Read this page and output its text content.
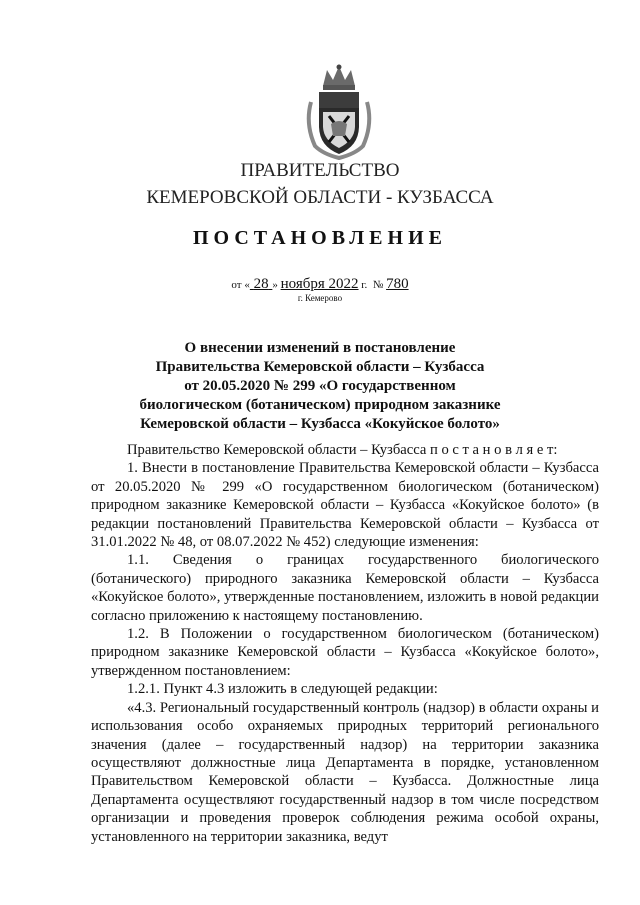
ПРАВИТЕЛЬСТВО
КЕМЕРОВСКОЙ ОБЛАСТИ - КУЗБАССА
ПОСТАНОВЛЕНИЕ
от « 28 » ноября 2022 г. № 780
г. Кемерово
О внесении изменений в постановление
Правительства Кемеровской области – Кузбасса
от 20.05.2020 № 299 «О государственном
биологическом (ботаническом) природном заказнике
Кемеровской области – Кузбасса «Кокуйское болото»

Правительство Кемеровской области – Кузбасса п о с т а н о в л я е т:

1. Внести в постановление Правительства Кемеровской области – Кузбасса от 20.05.2020 № 299 «О государственном биологическом (ботаническом) природном заказнике Кемеровской области – Кузбасса «Кокуйское болото» (в редакции постановлений Правительства Кемеровской области – Кузбасса от 31.01.2022 № 48, от 08.07.2022 № 452) следующие изменения:

1.1. Сведения о границах государственного биологического (ботанического) природного заказника Кемеровской области – Кузбасса «Кокуйское болото», утвержденные постановлением, изложить в новой редакции согласно приложению к настоящему постановлению.

1.2. В Положении о государственном биологическом (ботаническом) природном заказнике Кемеровской области – Кузбасса «Кокуйское болото», утвержденном постановлением:

1.2.1. Пункт 4.3 изложить в следующей редакции:

«4.3. Региональный государственный контроль (надзор) в области охраны и использования особо охраняемых природных территорий регионального значения (далее – государственный надзор) на территории заказника осуществляют должностные лица Департамента в порядке, установленном Правительством Кемеровской области – Кузбасса. Должностные лица Департамента осуществляют государственный надзор в том числе посредством организации и проведения проверок соблюдения режима особой охраны, установленного на территории заказника, ведут
